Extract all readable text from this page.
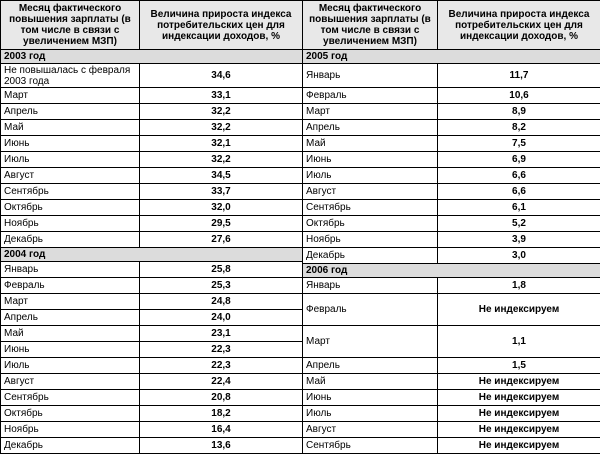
Месяц фактического повышения зарплаты (в том числе в связи с увеличением МЗП)	Величина прироста индекса потребительских цен для индексации доходов, %
2003 год	
Не повышалась с февраля 2003 года	34,6
Март	33,1
Апрель	32,2
Май	32,2
Июнь	32,1
Июль	32,2
Август	34,5
Сентябрь	33,7
Октябрь	32,0
Ноябрь	29,5
Декабрь	27,6
2004 год	
Январь	25,8
Февраль	25,3
Март	24,8
Апрель	24,0
Май	23,1
Июнь	22,3
Июль	22,3
Август	22,4
Сентябрь	20,8
Октябрь	18,2
Ноябрь	16,4
Декабрь	13,6
Месяц фактического повышения зарплаты (в том числе в связи с увеличением МЗП)	Величина прироста индекса потребительских цен для индексации доходов, %
2005 год	
Январь	11,7
Февраль	10,6
Март	8,9
Апрель	8,2
Май	7,5
Июнь	6,9
Июль	6,6
Август	6,6
Сентябрь	6,1
Октябрь	5,2
Ноябрь	3,9
Декабрь	3,0
2006 год	
Январь	1,8
Февраль	Не индексируем
Март	1,1
Апрель	1,5
Май	Не индексируем
Июнь	Не индексируем
Июль	Не индексируем
Август	Не индексируем
Сентябрь	Не индексируем
